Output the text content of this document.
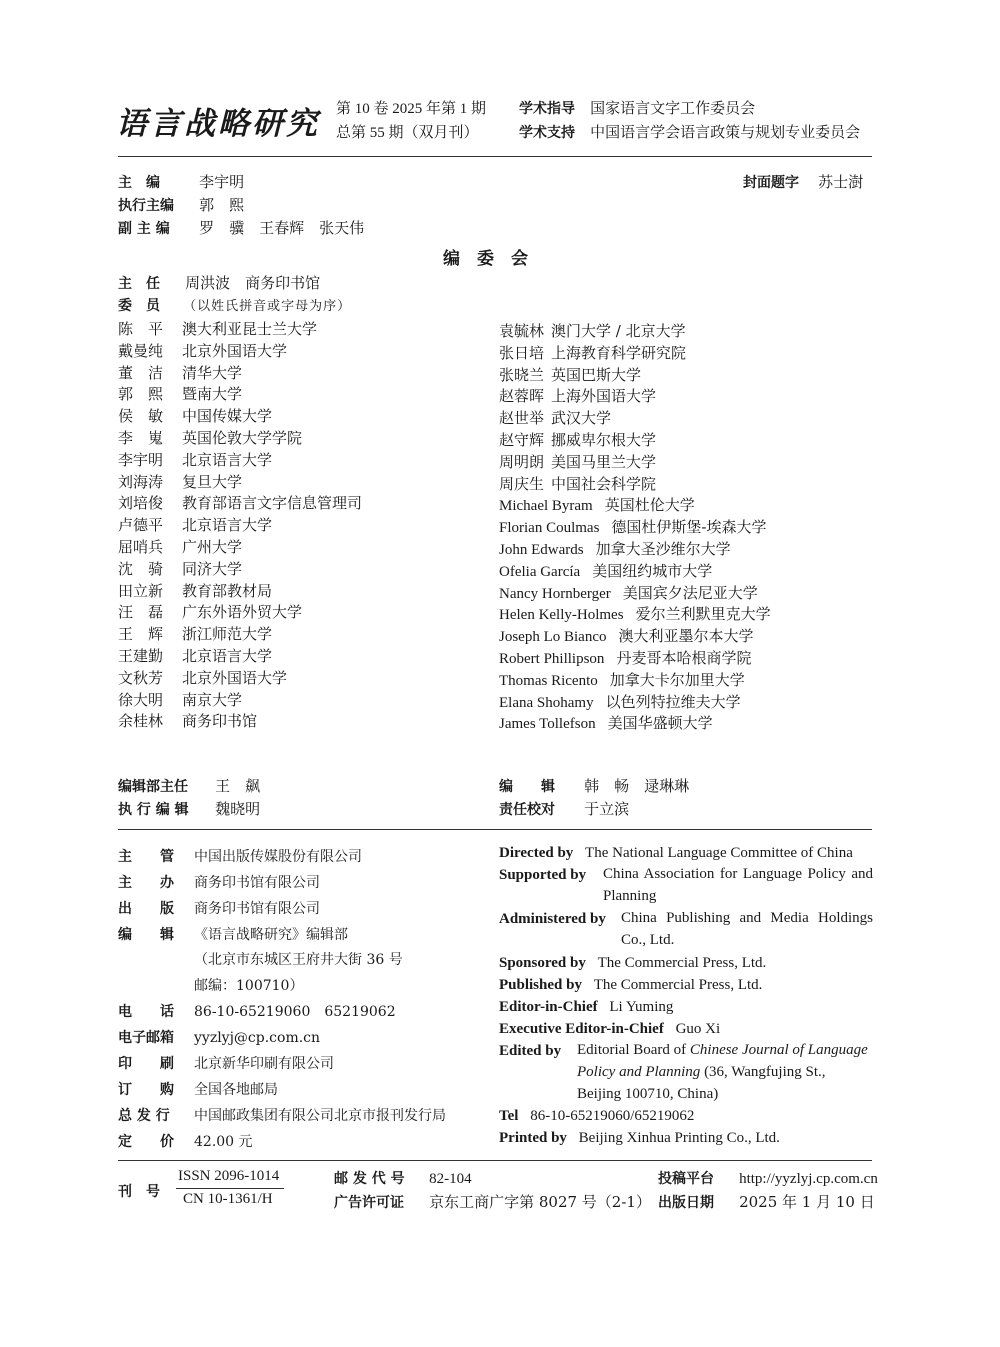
语言战略研究 第 10 卷 2025 年第 1 期
总第 55 期（双月刊）
学术指导 国家语言文字工作委员会
学术支持 中国语言学会语言政策与规划专业委员会
主　编	李宇明
执行主编 郭　熙
副 主 编 罗　骥　王春辉　张天伟
封面题字 苏士澍
编　委　会
主　任 周洪波　商务印书馆
委　员 （以姓氏拼音或字母为序）
陈　平 澳大利亚昆士兰大学
戴曼纯 北京外国语大学
董　洁 清华大学
郭　熙 暨南大学
侯　敏 中国传媒大学
李　嵬 英国伦敦大学学院
李宇明 北京语言大学
刘海涛 复旦大学
刘培俊 教育部语言文字信息管理司
卢德平 北京语言大学
屈哨兵 广州大学
沈　骑 同济大学
田立新 教育部教材局
汪　磊 广东外语外贸大学
王　辉 浙江师范大学
王建勤 北京语言大学
文秋芳 北京外国语大学
徐大明 南京大学
余桂林 商务印书馆
袁毓林 澳门大学 / 北京大学
张日培 上海教育科学研究院
张晓兰 英国巴斯大学
赵蓉晖 上海外国语大学
赵世举 武汉大学
赵守辉 挪威卑尔根大学
周明朗 美国马里兰大学
周庆生 中国社会科学院
Michael Byram 英国杜伦大学
Florian Coulmas 德国杜伊斯堡-埃森大学
John Edwards 加拿大圣沙维尔大学
Ofelia García 美国纽约城市大学
Nancy Hornberger 美国宾夕法尼亚大学
Helen Kelly-Holmes 爱尔兰利默里克大学
Joseph Lo Bianco 澳大利亚墨尔本大学
Robert Phillipson 丹麦哥本哈根商学院
Thomas Ricento 加拿大卡尔加里大学
Elana Shohamy 以色列特拉维夫大学
James Tollefson 美国华盛顿大学
编辑部主任 王　飙
执 行 编 辑 魏晓明
编　　辑 韩　畅　逯琳琳
责任校对 于立滨
主　　管 中国出版传媒股份有限公司
主　　办 商务印书馆有限公司
出　　版 商务印书馆有限公司
编　　辑 《语言战略研究》编辑部
（北京市东城区王府井大街 36 号
邮编：100710）
电　　话 86-10-65219060　65219062
电子邮箱 yyzlyj@cp.com.cn
印　　刷 北京新华印刷有限公司
订　　购 全国各地邮局
总 发 行 中国邮政集团有限公司北京市报刊发行局
定　　价 42.00 元
Directed by The National Language Committee of China
Supported by China Association for Language Policy and Planning
Administered by China Publishing and Media Holdings Co., Ltd.
Sponsored by The Commercial Press, Ltd.
Published by The Commercial Press, Ltd.
Editor-in-Chief Li Yuming
Executive Editor-in-Chief Guo Xi
Edited by Editorial Board of Chinese Journal of Language Policy and Planning (36, Wangfujing St., Beijing 100710, China)
Tel 86-10-65219060/65219062
Printed by Beijing Xinhua Printing Co., Ltd.
刊　号
ISSN 2096-1014
CN 10-1361/H
邮 发 代 号 82-104
广告许可证 京东工商广字第 8027 号（2-1）
投稿平台 http://yyzlyj.cp.com.cn
出版日期 2025 年 1 月 10 日
